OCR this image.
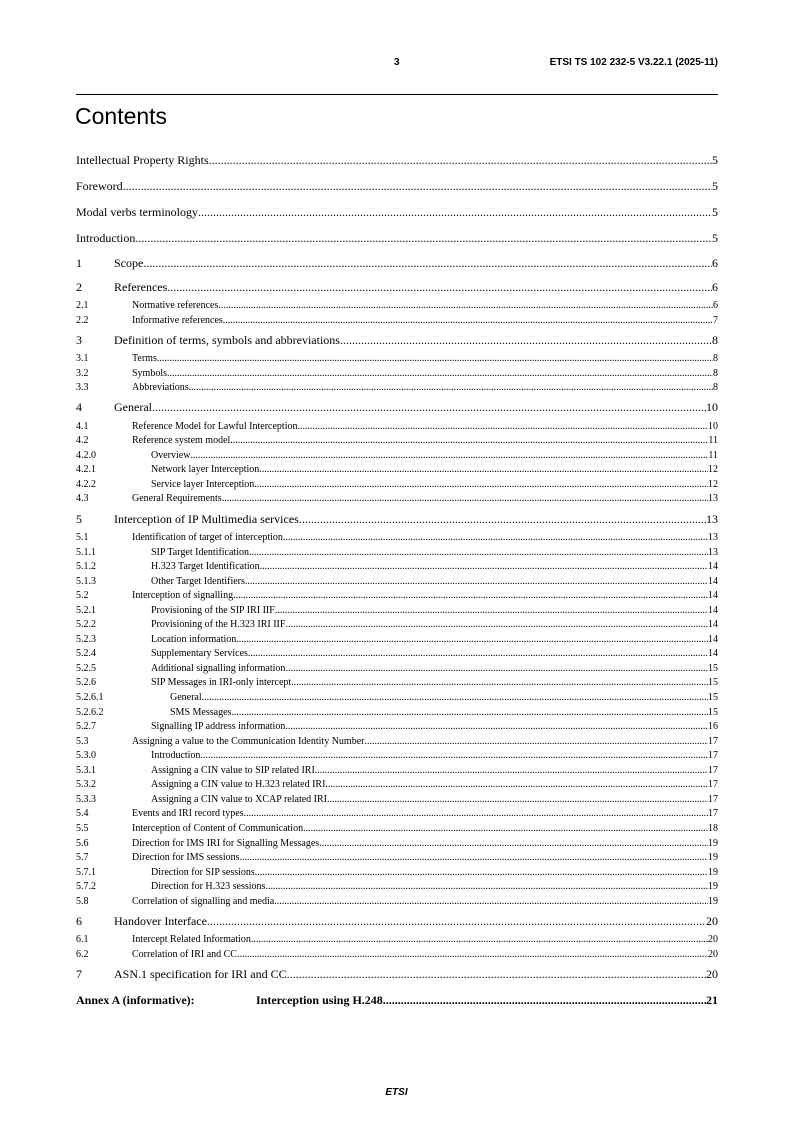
3	ETSI TS 102 232-5 V3.22.1 (2025-11)
Contents
Intellectual Property Rights .....	5
Foreword .....	5
Modal verbs terminology .....	5
Introduction .....	5
1	Scope .....	6
2	References .....	6
2.1	Normative references .....	6
2.2	Informative references .....	7
3	Definition of terms, symbols and abbreviations .....	8
3.1	Terms .....	8
3.2	Symbols .....	8
3.3	Abbreviations .....	8
4	General .....	10
4.1	Reference Model for Lawful Interception .....	10
4.2	Reference system model .....	11
4.2.0	Overview .....	11
4.2.1	Network layer Interception .....	12
4.2.2	Service layer Interception .....	12
4.3	General Requirements .....	13
5	Interception of IP Multimedia services .....	13
5.1	Identification of target of interception .....	13
5.1.1	SIP Target Identification .....	13
5.1.2	H.323 Target Identification .....	14
5.1.3	Other Target Identifiers .....	14
5.2	Interception of signalling .....	14
5.2.1	Provisioning of the SIP IRI IIF .....	14
5.2.2	Provisioning of the H.323 IRI IIF .....	14
5.2.3	Location information .....	14
5.2.4	Supplementary Services .....	14
5.2.5	Additional signalling information .....	15
5.2.6	SIP Messages in IRI-only intercept .....	15
5.2.6.1	General .....	15
5.2.6.2	SMS Messages .....	15
5.2.7	Signalling IP address information .....	16
5.3	Assigning a value to the Communication Identity Number .....	17
5.3.0	Introduction .....	17
5.3.1	Assigning a CIN value to SIP related IRI .....	17
5.3.2	Assigning a CIN value to H.323 related IRI .....	17
5.3.3	Assigning a CIN value to XCAP related IRI .....	17
5.4	Events and IRI record types .....	17
5.5	Interception of Content of Communication .....	18
5.6	Direction for IMS IRI for Signalling Messages .....	19
5.7	Direction for IMS sessions .....	19
5.7.1	Direction for SIP sessions .....	19
5.7.2	Direction for H.323 sessions .....	19
5.8	Correlation of signalling and media .....	19
6	Handover Interface .....	20
6.1	Intercept Related Information .....	20
6.2	Correlation of IRI and CC .....	20
7	ASN.1 specification for IRI and CC .....	20
Annex A (informative):	Interception using H.248 .....	21
ETSI
